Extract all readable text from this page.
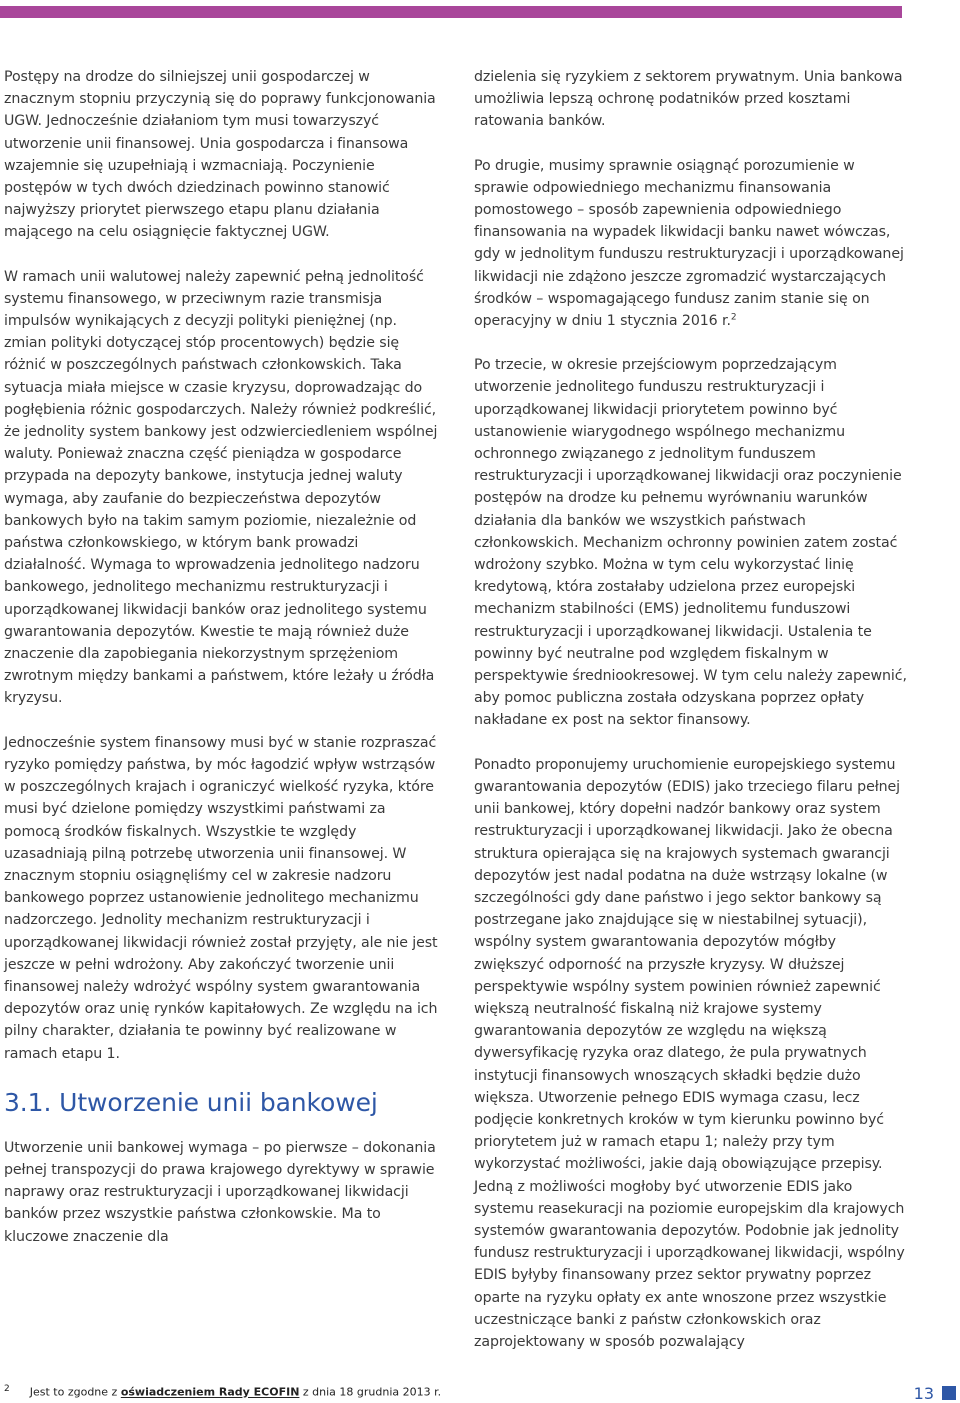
Postępy na drodze do silniejszej unii gospodarczej w znacznym stopniu przyczynią się do poprawy funkcjonowania UGW. Jednocześnie działaniom tym musi towarzyszyć utworzenie unii finansowej. Unia gospodarcza i finansowa wzajemnie się uzupełniają i wzmacniają. Poczynienie postępów w tych dwóch dziedzinach powinno stanowić najwyższy priorytet pierwszego etapu planu działania mającego na celu osiągnięcie faktycznej UGW.

W ramach unii walutowej należy zapewnić pełną jednolitość systemu finansowego, w przeciwnym razie transmisja impulsów wynikających z decyzji polityki pieniężnej (np. zmian polityki dotyczącej stóp procentowych) będzie się różnić w poszczególnych państwach członkowskich. Taka sytuacja miała miejsce w czasie kryzysu, doprowadzając do pogłębienia różnic gospodarczych. Należy również podkreślić, że jednolity system bankowy jest odzwierciedleniem wspólnej waluty. Ponieważ znaczna część pieniądza w gospodarce przypada na depozyty bankowe, instytucja jednej waluty wymaga, aby zaufanie do bezpieczeństwa depozytów bankowych było na takim samym poziomie, niezależnie od państwa członkowskiego, w którym bank prowadzi działalność. Wymaga to wprowadzenia jednolitego nadzoru bankowego, jednolitego mechanizmu restrukturyzacji i uporządkowanej likwidacji banków oraz jednolitego systemu gwarantowania depozytów. Kwestie te mają również duże znaczenie dla zapobiegania niekorzystnym sprzężeniom zwrotnym między bankami a państwem, które leżały u źródła kryzysu.

Jednocześnie system finansowy musi być w stanie rozpraszać ryzyko pomiędzy państwa, by móc łagodzić wpływ wstrząsów w poszczególnych krajach i ograniczyć wielkość ryzyka, które musi być dzielone pomiędzy wszystkimi państwami za pomocą środków fiskalnych. Wszystkie te względy uzasadniają pilną potrzebę utworzenia unii finansowej. W znacznym stopniu osiągnęliśmy cel w zakresie nadzoru bankowego poprzez ustanowienie jednolitego mechanizmu nadzorczego. Jednolity mechanizm restrukturyzacji i uporządkowanej likwidacji również został przyjęty, ale nie jest jeszcze w pełni wdrożony. Aby zakończyć tworzenie unii finansowej należy wdrożyć wspólny system gwarantowania depozytów oraz unię rynków kapitałowych. Ze względu na ich pilny charakter, działania te powinny być realizowane w ramach etapu 1.

3.1. Utworzenie unii bankowej

Utworzenie unii bankowej wymaga – po pierwsze – dokonania pełnej transpozycji do prawa krajowego dyrektywy w sprawie naprawy oraz restrukturyzacji i uporządkowanej likwidacji banków przez wszystkie państwa członkowskie. Ma to kluczowe znaczenie dla

dzielenia się ryzykiem z sektorem prywatnym. Unia bankowa umożliwia lepszą ochronę podatników przed kosztami ratowania banków.

Po drugie, musimy sprawnie osiągnąć porozumienie w sprawie odpowiedniego mechanizmu finansowania pomostowego – sposób zapewnienia odpowiedniego finansowania na wypadek likwidacji banku nawet wówczas, gdy w jednolitym funduszu restrukturyzacji i uporządkowanej likwidacji nie zdążono jeszcze zgromadzić wystarczających środków – wspomagającego fundusz zanim stanie się on operacyjny w dniu 1 stycznia 2016 r.$^2$

Po trzecie, w okresie przejściowym poprzedzającym utworzenie jednolitego funduszu restrukturyzacji i uporządkowanej likwidacji priorytetem powinno być ustanowienie wiarygodnego wspólnego mechanizmu ochronnego związanego z jednolitym funduszem restrukturyzacji i uporządkowanej likwidacji oraz poczynienie postępów na drodze ku pełnemu wyrównaniu warunków działania dla banków we wszystkich państwach członkowskich. Mechanizm ochronny powinien zatem zostać wdrożony szybko. Można w tym celu wykorzystać linię kredytową, która zostałaby udzielona przez europejski mechanizm stabilności (EMS) jednolitemu funduszowi restrukturyzacji i uporządkowanej likwidacji. Ustalenia te powinny być neutralne pod względem fiskalnym w perspektywie średniookresowej. W tym celu należy zapewnić, aby pomoc publiczna została odzyskana poprzez opłaty nakładane ex post na sektor finansowy.

Ponadto proponujemy uruchomienie europejskiego systemu gwarantowania depozytów (EDIS) jako trzeciego filaru pełnej unii bankowej, który dopełni nadzór bankowy oraz system restrukturyzacji i uporządkowanej likwidacji. Jako że obecna struktura opierająca się na krajowych systemach gwarancji depozytów jest nadal podatna na duże wstrząsy lokalne (w szczególności gdy dane państwo i jego sektor bankowy są postrzegane jako znajdujące się w niestabilnej sytuacji), wspólny system gwarantowania depozytów mógłby zwiększyć odporność na przyszłe kryzysy. W dłuższej perspektywie wspólny system powinien również zapewnić większą neutralność fiskalną niż krajowe systemy gwarantowania depozytów ze względu na większą dywersyfikację ryzyka oraz dlatego, że pula prywatnych instytucji finansowych wnoszących składki będzie dużo większa. Utworzenie pełnego EDIS wymaga czasu, lecz podjęcie konkretnych kroków w tym kierunku powinno być priorytetem już w ramach etapu 1; należy przy tym wykorzystać możliwości, jakie dają obowiązujące przepisy. Jedną z możliwości mogłoby być utworzenie EDIS jako systemu reasekuracji na poziomie europejskim dla krajowych systemów gwarantowania depozytów. Podobnie jak jednolity fundusz restrukturyzacji i uporządkowanej likwidacji, wspólny EDIS byłyby finansowany przez sektor prywatny poprzez oparte na ryzyku opłaty ex ante wnoszone przez wszystkie uczestniczące banki z państw członkowskich oraz zaprojektowany w sposób pozwalający

$^2$ Jest to zgodne z oświadczeniem Rady ECOFIN z dnia 18 grudnia 2013 r.	13
